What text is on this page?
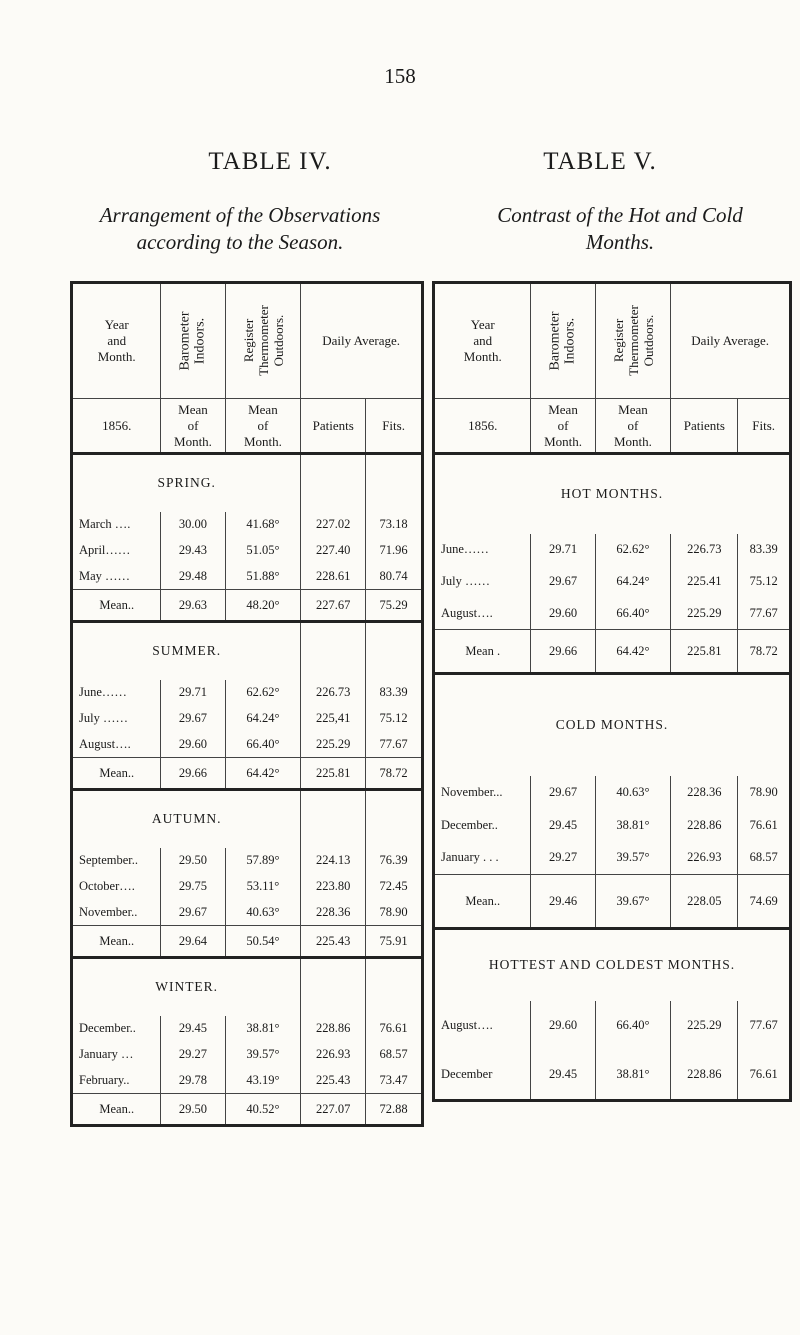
158
TABLE IV.	TABLE V.
Arrangement of the Observations
according to the Season.
Contrast of the Hot and Cold
Months.
Year
and
Month.	Barometer
Indoors.	Register
Thermometer
Outdoors.	Daily Average.	
1856.	Mean
of
Month.	Mean
of
Month.	Patients	Fits.
SPRING.				
March ….	30.00	41.68°	227.02	73.18
April……	29.43	51.05°	227.40	71.96
May ……	29.48	51.88°	228.61	80.74
Mean..	29.63	48.20°	227.67	75.29
SUMMER.				
June……	29.71	62.62°	226.73	83.39
July ……	29.67	64.24°	225,41	75.12
August….	29.60	66.40°	225.29	77.67
Mean..	29.66	64.42°	225.81	78.72
AUTUMN.				
September..	29.50	57.89°	224.13	76.39
October….	29.75	53.11°	223.80	72.45
November..	29.67	40.63°	228.36	78.90
Mean..	29.64	50.54°	225.43	75.91
WINTER.				
December..	29.45	38.81°	228.86	76.61
January …	29.27	39.57°	226.93	68.57
February..	29.78	43.19°	225.43	73.47
Mean..	29.50	40.52°	227.07	72.88
Year
and
Month.	Barometer
Indoors.	Register
Thermometer
Outdoors.	Daily Average.	
1856.	Mean
of
Month.	Mean
of
Month.	Patients	Fits.
HOT MONTHS.				
June……	29.71	62.62°	226.73	83.39
July ……	29.67	64.24°	225.41	75.12
August….	29.60	66.40°	225.29	77.67
Mean .	29.66	64.42°	225.81	78.72
COLD MONTHS.				
November...	29.67	40.63°	228.36	78.90
December..	29.45	38.81°	228.86	76.61
January . . .	29.27	39.57°	226.93	68.57
Mean..	29.46	39.67°	228.05	74.69
HOTTEST AND COLDEST MONTHS.				
August….	29.60	66.40°	225.29	77.67
December	29.45	38.81°	228.86	76.61
